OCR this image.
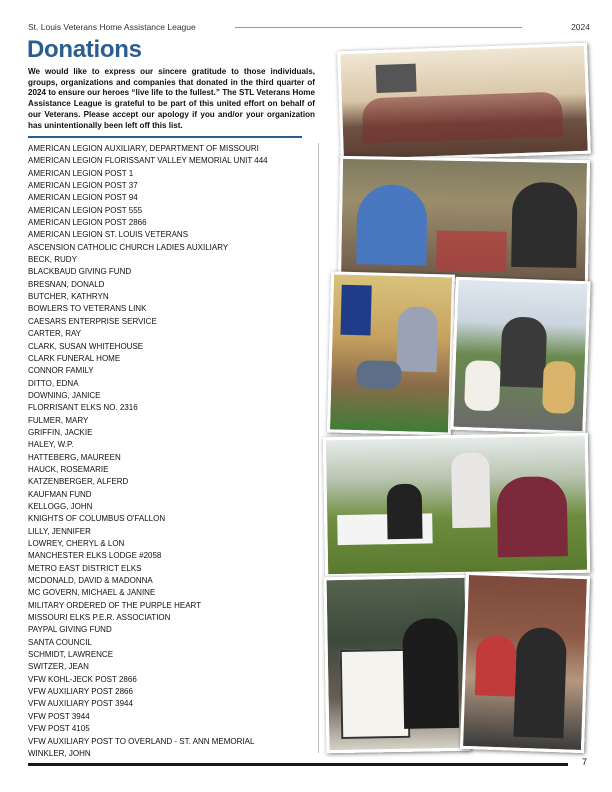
St. Louis Veterans Home Assistance League	2024
Donations
We would like to express our sincere gratitude to those individuals, groups, organizations and companies that donated in the third quarter of 2024 to ensure our heroes “live life to the fullest.” The STL Veterans Home Assistance League is grateful to be part of this united effort on behalf of our Veterans. Please accept our apology if you and/or your organization has unintentionally been left off this list.
AMERICAN LEGION AUXILIARY, DEPARTMENT OF MISSOURI
AMERICAN LEGION FLORISSANT VALLEY MEMORIAL UNIT 444
AMERICAN LEGION POST 1
AMERICAN LEGION POST 37
AMERICAN LEGION POST 94
AMERICAN LEGION POST 555
AMERICAN LEGION POST 2866
AMERICAN LEGION ST. LOUIS VETERANS
ASCENSION CATHOLIC CHURCH LADIES AUXILIARY
BECK, RUDY
BLACKBAUD GIVING FUND
BRESNAN, DONALD
BUTCHER, KATHRYN
BOWLERS TO VETERANS LINK
CAESARS ENTERPRISE SERVICE
CARTER, RAY
CLARK, SUSAN WHITEHOUSE
CLARK FUNERAL HOME
CONNOR FAMILY
DITTO, EDNA
DOWNING, JANICE
FLORRISANT ELKS NO. 2316
FULMER, MARY
GRIFFIN, JACKIE
HALEY, W.P.
HATTEBERG, MAUREEN
HAUCK, ROSEMARIE
KATZENBERGER, ALFERD
KAUFMAN FUND
KELLOGG, JOHN
KNIGHTS OF COLUMBUS O'FALLON
LILLY, JENNIFER
LOWREY, CHERYL & LON
MANCHESTER ELKS LODGE #2058
METRO EAST DISTRICT ELKS
MCDONALD, DAVID & MADONNA
MC GOVERN, MICHAEL & JANINE
MILITARY ORDERED OF THE PURPLE HEART
MISSOURI ELKS P.E.R. ASSOCIATION
PAYPAL GIVING FUND
SANTA COUNCIL
SCHMIDT, LAWRENCE
SWITZER, JEAN
VFW KOHL-JECK POST 2866
VFW AUXILIARY POST 2866
VFW AUXILIARY POST 3944
VFW POST 3944
VFW POST 4105
VFW AUXILIARY POST TO OVERLAND - ST. ANN MEMORIAL
WINKLER, JOHN
7
